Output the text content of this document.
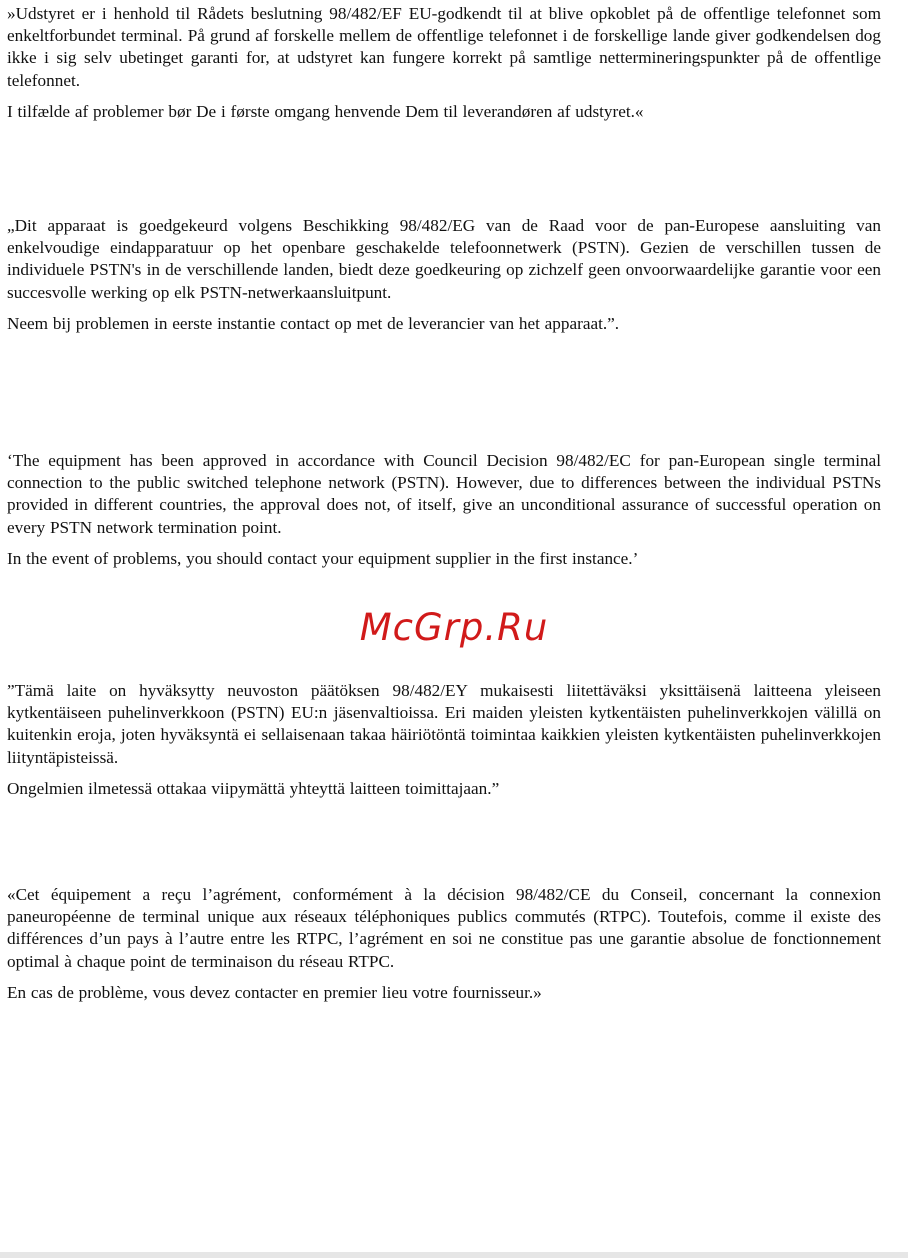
»Udstyret er i henhold til Rådets beslutning 98/482/EF EU-godkendt til at blive opkoblet på de offentlige telefonnet som enkeltforbundet terminal. På grund af forskelle mellem de offentlige telefonnet i de forskellige lande giver godkendelsen dog ikke i sig selv ubetinget garanti for, at udstyret kan fungere korrekt på samtlige nettermineringspunkter på de offentlige telefonnet.

I tilfælde af problemer bør De i første omgang henvende Dem til leverandøren af udstyret.«

„Dit apparaat is goedgekeurd volgens Beschikking 98/482/EG van de Raad voor de pan-Europese aansluiting van enkelvoudige eindapparatuur op het openbare geschakelde telefoonnetwerk (PSTN). Gezien de verschillen tussen de individuele PSTN's in de verschillende landen, biedt deze goedkeuring op zichzelf geen onvoorwaardelijke garantie voor een succesvolle werking op elk PSTN-netwerkaansluitpunt.

Neem bij problemen in eerste instantie contact op met de leverancier van het apparaat.”.

‘The equipment has been approved in accordance with Council Decision 98/482/EC for pan-European single terminal connection to the public switched telephone network (PSTN). However, due to differences between the individual PSTNs provided in different countries, the approval does not, of itself, give an unconditional assurance of successful operation on every PSTN network termination point.

In the event of problems, you should contact your equipment supplier in the first instance.’

McGrp.Ru

”Tämä laite on hyväksytty neuvoston päätöksen 98/482/EY mukaisesti liitettäväksi yksittäisenä laitteena yleiseen kytkentäiseen puhelinverkkoon (PSTN) EU:n jäsenvaltioissa. Eri maiden yleisten kytkentäisten puhelinverkkojen välillä on kuitenkin eroja, joten hyväksyntä ei sellaisenaan takaa häiriötöntä toimintaa kaikkien yleisten kytkentäisten puhelinverkkojen liityntäpisteissä.

Ongelmien ilmetessä ottakaa viipymättä yhteyttä laitteen toimittajaan.”

«Cet équipement a reçu l’agrément, conformément à la décision 98/482/CE du Conseil, concernant la connexion paneuropéenne de terminal unique aux réseaux téléphoniques publics commutés (RTPC). Toutefois, comme il existe des différences d’un pays à l’autre entre les RTPC, l’agrément en soi ne constitue pas une garantie absolue de fonctionnement optimal à chaque point de terminaison du réseau RTPC.

En cas de problème, vous devez contacter en premier lieu votre fournisseur.»
